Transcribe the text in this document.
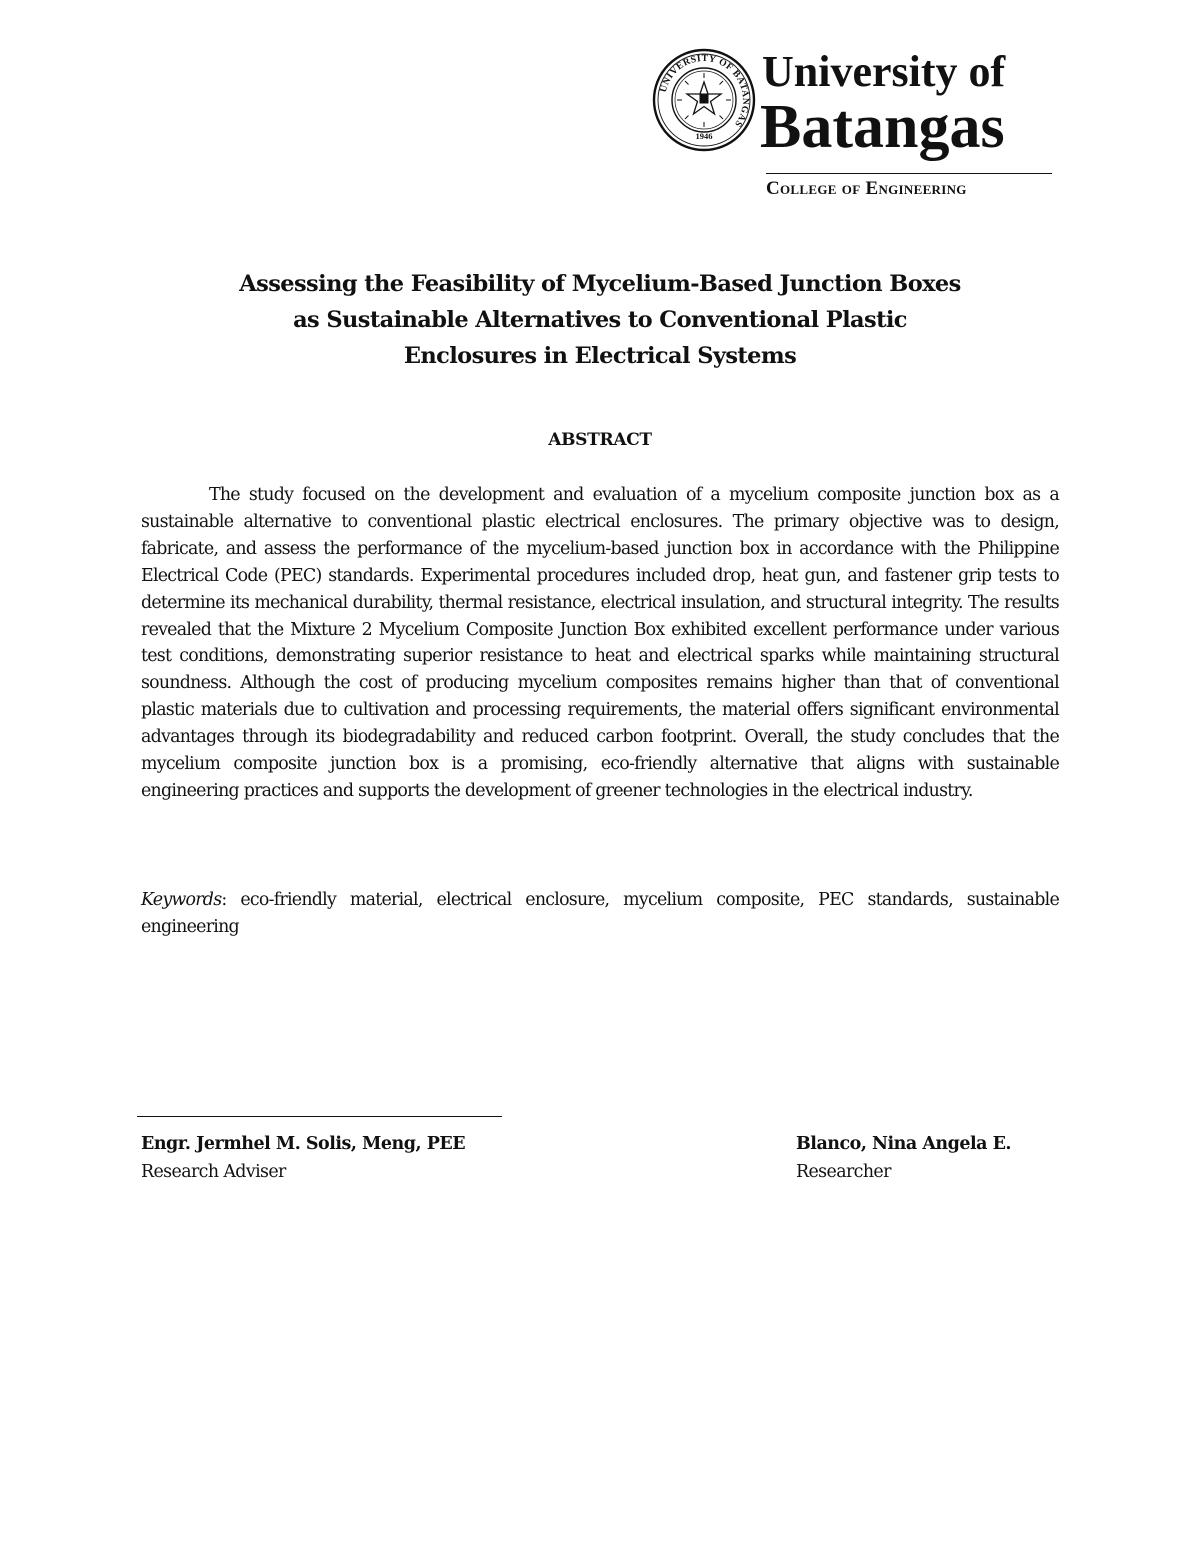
UNIVERSITY OF BATANGAS
1946
University of
Batangas
College of Engineering
Assessing the Feasibility of Mycelium-Based Junction Boxes
as Sustainable Alternatives to Conventional Plastic
Enclosures in Electrical Systems
ABSTRACT

The study focused on the development and evaluation of a mycelium composite junction box as a sustainable alternative to conventional plastic electrical enclosures. The primary objective was to design, fabricate, and assess the performance of the mycelium-based junction box in accordance with the Philippine Electrical Code (PEC) standards. Experimental procedures included drop, heat gun, and fastener grip tests to determine its mechanical durability, thermal resistance, electrical insulation, and structural integrity. The results revealed that the Mixture 2 Mycelium Composite Junction Box exhibited excellent performance under various test conditions, demonstrating superior resistance to heat and electrical sparks while maintaining structural soundness. Although the cost of producing mycelium composites remains higher than that of conventional plastic materials due to cultivation and processing requirements, the material offers significant environmental advantages through its biodegradability and reduced carbon footprint. Overall, the study concludes that the mycelium composite junction box is a promising, eco-friendly alternative that aligns with sustainable engineering practices and supports the development of greener technologies in the electrical industry.

Keywords: eco-friendly material, electrical enclosure, mycelium composite, PEC standards, sustainable engineering

Engr. Jermhel M. Solis, Meng, PEE
Research Adviser
Blanco, Nina Angela E.
Researcher
